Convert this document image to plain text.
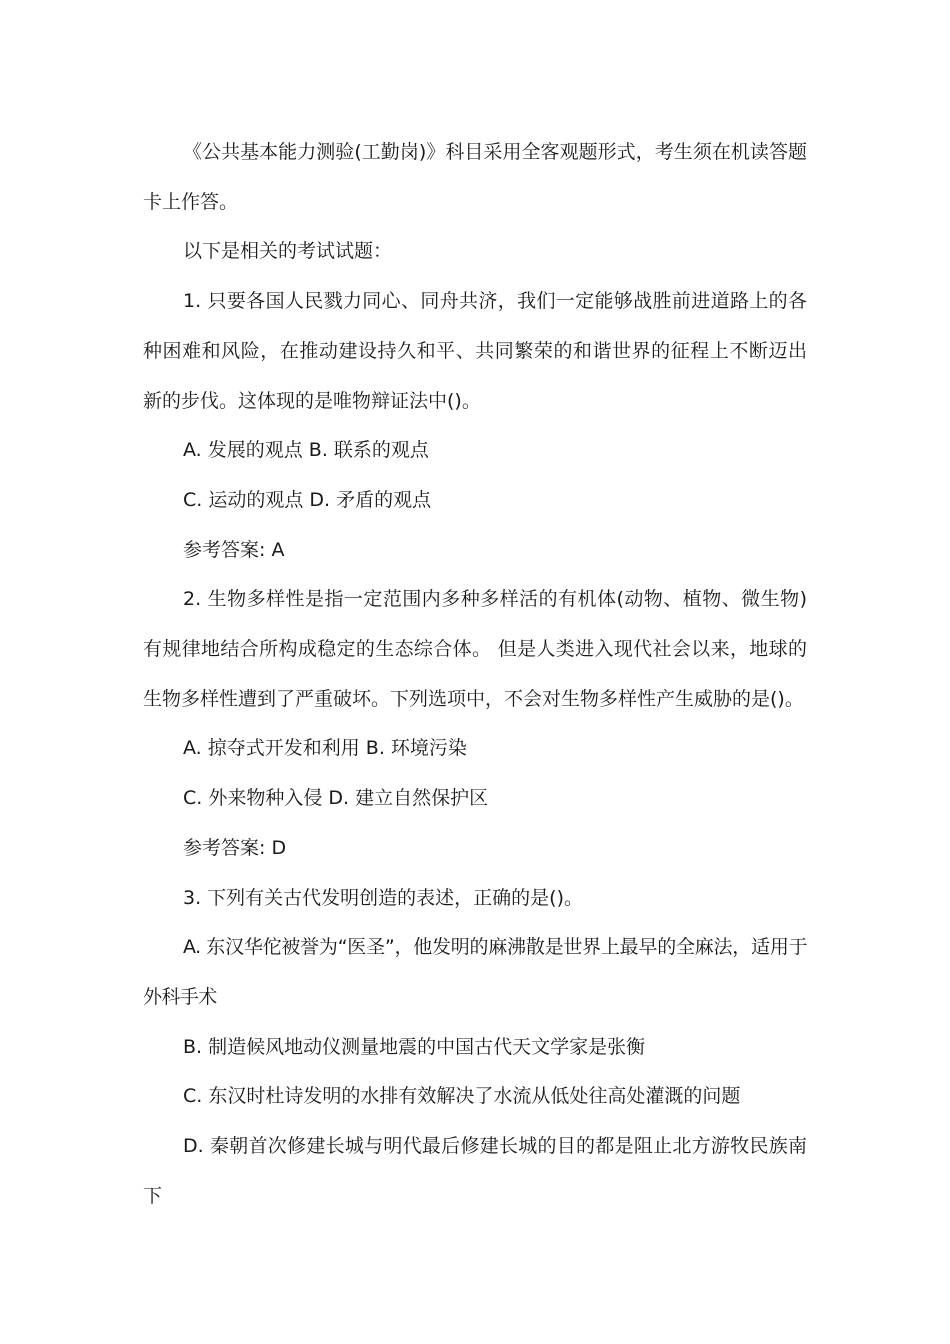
《公共基本能力测验(工勤岗)》科目采用全客观题形式，考生须在机读答题卡上作答。

以下是相关的考试试题：

1. 只要各国人民戮力同心、同舟共济，我们一定能够战胜前进道路上的各种困难和风险，在推动建设持久和平、共同繁荣的和谐世界的征程上不断迈出新的步伐。这体现的是唯物辩证法中()。

A. 发展的观点 B. 联系的观点

C. 运动的观点 D. 矛盾的观点

参考答案: A

2. 生物多样性是指一定范围内多种多样活的有机体(动物、植物、微生物)有规律地结合所构成稳定的生态综合体。 但是人类进入现代社会以来，地球的生物多样性遭到了严重破坏。下列选项中，不会对生物多样性产生威胁的是()。

A. 掠夺式开发和利用 B. 环境污染

C. 外来物种入侵 D. 建立自然保护区

参考答案: D

3. 下列有关古代发明创造的表述，正确的是()。

A. 东汉华佗被誉为“医圣”，他发明的麻沸散是世界上最早的全麻法，适用于外科手术

B. 制造候风地动仪测量地震的中国古代天文学家是张衡

C. 东汉时杜诗发明的水排有效解决了水流从低处往高处灌溉的问题

D. 秦朝首次修建长城与明代最后修建长城的目的都是阻止北方游牧民族南下
